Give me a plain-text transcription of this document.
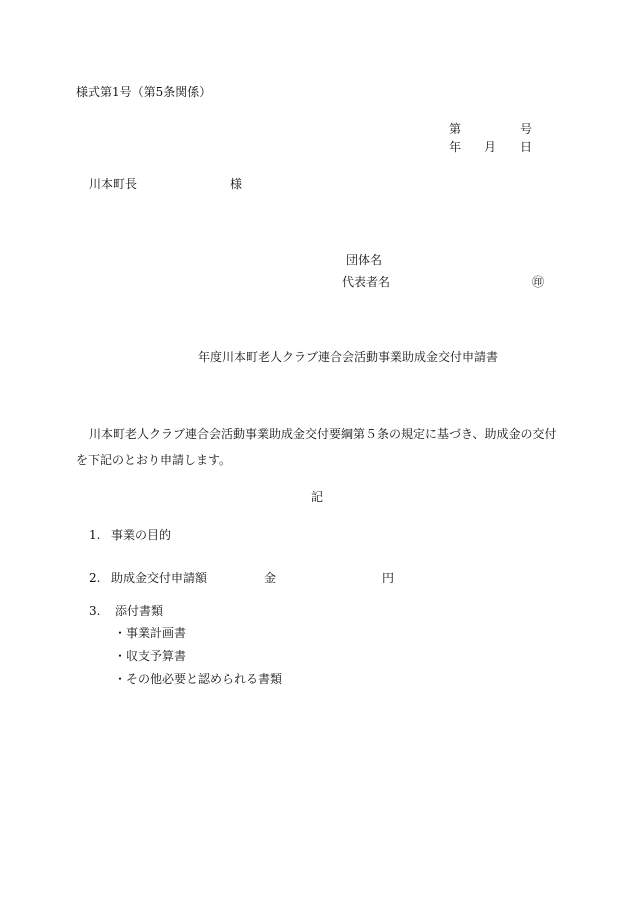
様式第1号（第5条関係）
第	号
年 月 日
川本町長	様
団体名
代表者名	㊞
年度川本町老人クラブ連合会活動事業助成金交付申請書
川本町老人クラブ連合会活動事業助成金交付要綱第５条の規定に基づき、助成金の交付
を下記のとおり申請します。
記
1. 事業の目的
2. 助成金交付申請額	金	円
3. 添付書類
・事業計画書
・収支予算書
・その他必要と認められる書類
